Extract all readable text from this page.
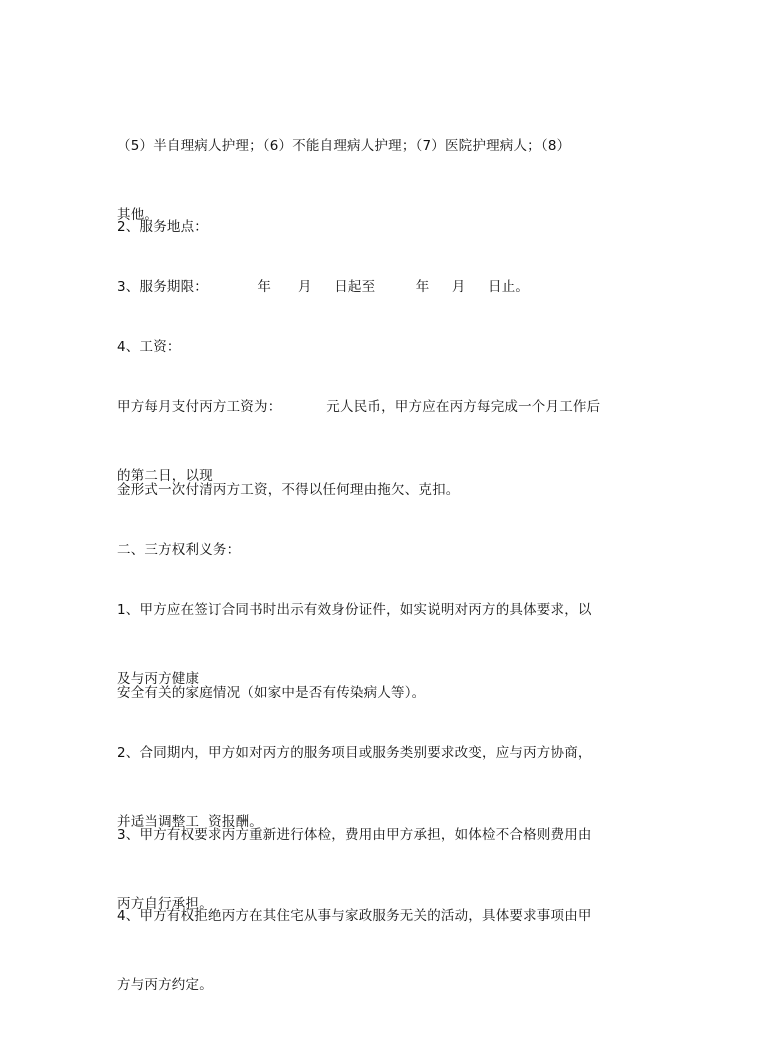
（5）半自理病人护理；（6）不能自理病人护理；（7）医院护理病人；（8）

其他。

2、服务地点：

3、服务期限：           年      月     日起至         年     月     日止。

4、工资：

甲方每月支付丙方工资为：          元人民币，甲方应在丙方每完成一个月工作后

的第二日，以现

金形式一次付清丙方工资，不得以任何理由拖欠、克扣。

二、三方权利义务：

1、甲方应在签订合同书时出示有效身份证件，如实说明对丙方的具体要求，以

及与丙方健康

安全有关的家庭情况（如家中是否有传染病人等）。

2、合同期内，甲方如对丙方的服务项目或服务类别要求改变，应与丙方协商，

并适当调整工  资报酬。

3、甲方有权要求丙方重新进行体检，费用由甲方承担，如体检不合格则费用由

丙方自行承担。

4、甲方有权拒绝丙方在其住宅从事与家政服务无关的活动，具体要求事项由甲

方与丙方约定。
